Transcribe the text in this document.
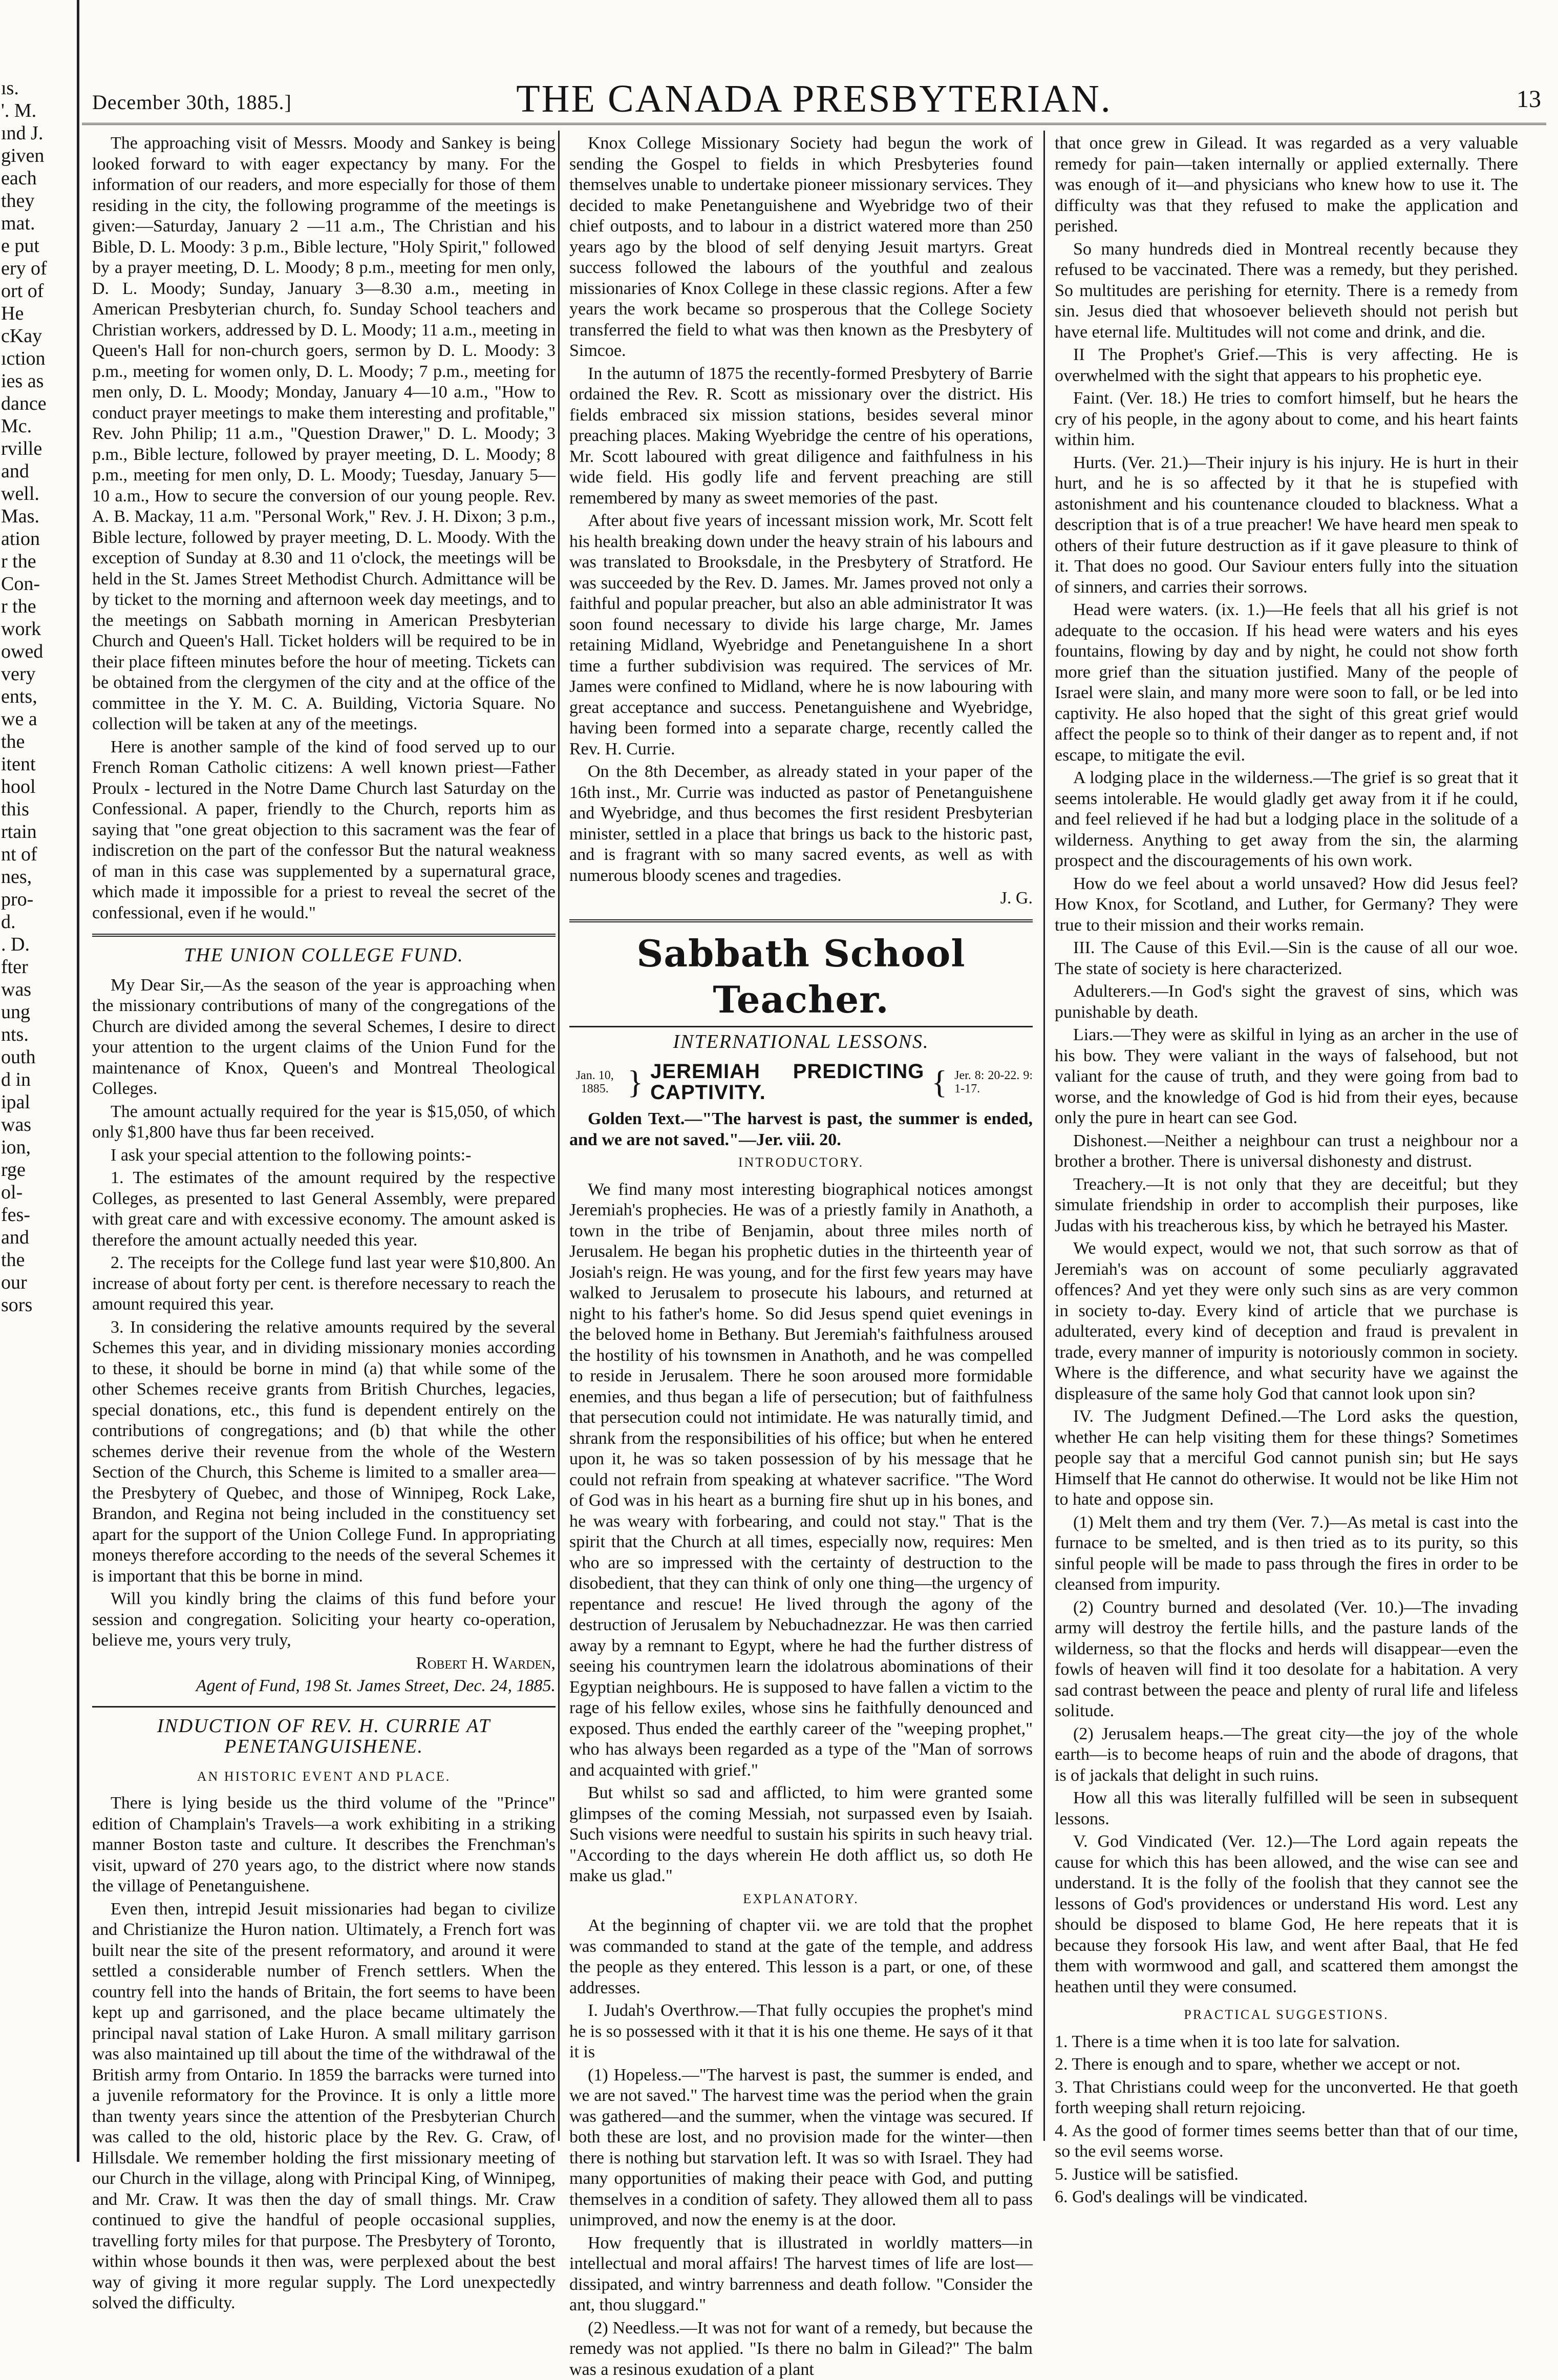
ıs.
'. M.
ınd J.
given
each
they
mat.
e put
ery of
ort of
He
cKay
ıction
ies as
dance
Mc.
rville
and
well.
Mas.
ation
r the
Con-
r the
work
owed
very
ents,
we a
the
itent
hool
this
rtain
nt of
nes,
pro-
d.
. D.
fter
was
ung
nts.
outh
d in
ipal
was
ion,
rge
ol-
fes-
and
the
our
sors
December 30th, 1885.]	THE CANADA PRESBYTERIAN.	13

The approaching visit of Messrs. Moody and Sankey is being looked forward to with eager expectancy by many. For the information of our readers, and more especially for those of them residing in the city, the following programme of the meetings is given:—Saturday, January 2 —11 a.m., The Christian and his Bible, D. L. Moody: 3 p.m., Bible lecture, "Holy Spirit," followed by a prayer meeting, D. L. Moody; 8 p.m., meeting for men only, D. L. Moody; Sunday, January 3—8.30 a.m., meeting in American Presbyterian church, fo. Sunday School teachers and Christian workers, addressed by D. L. Moody; 11 a.m., meeting in Queen's Hall for non-church goers, sermon by D. L. Moody: 3 p.m., meeting for women only, D. L. Moody; 7 p.m., meeting for men only, D. L. Moody; Monday, January 4—10 a.m., "How to conduct prayer meetings to make them interesting and profitable," Rev. John Philip; 11 a.m., "Question Drawer," D. L. Moody; 3 p.m., Bible lecture, followed by prayer meeting, D. L. Moody; 8 p.m., meeting for men only, D. L. Moody; Tuesday, January 5—10 a.m., How to secure the conversion of our young people. Rev. A. B. Mackay, 11 a.m. "Personal Work," Rev. J. H. Dixon; 3 p.m., Bible lecture, followed by prayer meeting, D. L. Moody. With the exception of Sunday at 8.30 and 11 o'clock, the meetings will be held in the St. James Street Methodist Church. Admittance will be by ticket to the morning and afternoon week day meetings, and to the meetings on Sabbath morning in American Presbyterian Church and Queen's Hall. Ticket holders will be required to be in their place fifteen minutes before the hour of meeting. Tickets can be obtained from the clergymen of the city and at the office of the committee in the Y. M. C. A. Building, Victoria Square. No collection will be taken at any of the meetings.

Here is another sample of the kind of food served up to our French Roman Catholic citizens: A well known priest—Father Proulx - lectured in the Notre Dame Church last Saturday on the Confessional. A paper, friendly to the Church, reports him as saying that "one great objection to this sacrament was the fear of indiscretion on the part of the confessor But the natural weakness of man in this case was supplemented by a supernatural grace, which made it impossible for a priest to reveal the secret of the confessional, even if he would."

THE UNION COLLEGE FUND.

My Dear Sir,—As the season of the year is approaching when the missionary contributions of many of the congregations of the Church are divided among the several Schemes, I desire to direct your attention to the urgent claims of the Union Fund for the maintenance of Knox, Queen's and Montreal Theological Colleges.

The amount actually required for the year is $15,050, of which only $1,800 have thus far been received.

I ask your special attention to the following points:-

1. The estimates of the amount required by the respective Colleges, as presented to last General Assembly, were prepared with great care and with excessive economy. The amount asked is therefore the amount actually needed this year.

2. The receipts for the College fund last year were $10,800. An increase of about forty per cent. is therefore necessary to reach the amount required this year.

3. In considering the relative amounts required by the several Schemes this year, and in dividing missionary monies according to these, it should be borne in mind (a) that while some of the other Schemes receive grants from British Churches, legacies, special donations, etc., this fund is dependent entirely on the contributions of congregations; and (b) that while the other schemes derive their revenue from the whole of the Western Section of the Church, this Scheme is limited to a smaller area—the Presbytery of Quebec, and those of Winnipeg, Rock Lake, Brandon, and Regina not being included in the constituency set apart for the support of the Union College Fund. In appropriating moneys therefore according to the needs of the several Schemes it is important that this be borne in mind.

Will you kindly bring the claims of this fund before your session and congregation. Soliciting your hearty co-operation, believe me, yours very truly,

Robert H. Warden,

Agent of Fund, 198 St. James Street, Dec. 24, 1885.

INDUCTION OF REV. H. CURRIE AT PENETANGUISHENE.
AN HISTORIC EVENT AND PLACE.

There is lying beside us the third volume of the "Prince" edition of Champlain's Travels—a work exhibiting in a striking manner Boston taste and culture. It describes the Frenchman's visit, upward of 270 years ago, to the district where now stands the village of Penetanguishene.

Even then, intrepid Jesuit missionaries had began to civilize and Christianize the Huron nation. Ultimately, a French fort was built near the site of the present reformatory, and around it were settled a considerable number of French settlers. When the country fell into the hands of Britain, the fort seems to have been kept up and garrisoned, and the place became ultimately the principal naval station of Lake Huron. A small military garrison was also maintained up till about the time of the withdrawal of the British army from Ontario. In 1859 the barracks were turned into a juvenile reformatory for the Province. It is only a little more than twenty years since the attention of the Presbyterian Church was called to the old, historic place by the Rev. G. Craw, of Hillsdale. We remember holding the first missionary meeting of our Church in the village, along with Principal King, of Winnipeg, and Mr. Craw. It was then the day of small things. Mr. Craw continued to give the handful of people occasional supplies, travelling forty miles for that purpose. The Presbytery of Toronto, within whose bounds it then was, were perplexed about the best way of giving it more regular supply. The Lord unexpectedly solved the difficulty.

Knox College Missionary Society had begun the work of sending the Gospel to fields in which Presbyteries found themselves unable to undertake pioneer missionary services. They decided to make Penetanguishene and Wyebridge two of their chief outposts, and to labour in a district watered more than 250 years ago by the blood of self denying Jesuit martyrs. Great success followed the labours of the youthful and zealous missionaries of Knox College in these classic regions. After a few years the work became so prosperous that the College Society transferred the field to what was then known as the Presbytery of Simcoe.

In the autumn of 1875 the recently-formed Presbytery of Barrie ordained the Rev. R. Scott as missionary over the district. His fields embraced six mission stations, besides several minor preaching places. Making Wyebridge the centre of his operations, Mr. Scott laboured with great diligence and faithfulness in his wide field. His godly life and fervent preaching are still remembered by many as sweet memories of the past.

After about five years of incessant mission work, Mr. Scott felt his health breaking down under the heavy strain of his labours and was translated to Brooksdale, in the Presbytery of Stratford. He was succeeded by the Rev. D. James. Mr. James proved not only a faithful and popular preacher, but also an able administrator It was soon found necessary to divide his large charge, Mr. James retaining Midland, Wyebridge and Penetanguishene In a short time a further subdivision was required. The services of Mr. James were confined to Midland, where he is now labouring with great acceptance and success. Penetanguishene and Wyebridge, having been formed into a separate charge, recently called the Rev. H. Currie.

On the 8th December, as already stated in your paper of the 16th inst., Mr. Currie was inducted as pastor of Penetanguishene and Wyebridge, and thus becomes the first resident Presbyterian minister, settled in a place that brings us back to the historic past, and is fragrant with so many sacred events, as well as with numerous bloody scenes and tragedies.

J. G.

Sabbath School Teacher.
INTERNATIONAL LESSONS.
Jan. 10, 1885. } JEREMIAH PREDICTING CAPTIVITY.	{ Jer. 8: 20-22. 9: 1-17.

Golden Text.—"The harvest is past, the summer is ended, and we are not saved."—Jer. viii. 20.

INTRODUCTORY.

We find many most interesting biographical notices amongst Jeremiah's prophecies. He was of a priestly family in Anathoth, a town in the tribe of Benjamin, about three miles north of Jerusalem. He began his prophetic duties in the thirteenth year of Josiah's reign. He was young, and for the first few years may have walked to Jerusalem to prosecute his labours, and returned at night to his father's home. So did Jesus spend quiet evenings in the beloved home in Bethany. But Jeremiah's faithfulness aroused the hostility of his townsmen in Anathoth, and he was compelled to reside in Jerusalem. There he soon aroused more formidable enemies, and thus began a life of persecution; but of faithfulness that persecution could not intimidate. He was naturally timid, and shrank from the responsibilities of his office; but when he entered upon it, he was so taken possession of by his message that he could not refrain from speaking at whatever sacrifice. "The Word of God was in his heart as a burning fire shut up in his bones, and he was weary with forbearing, and could not stay." That is the spirit that the Church at all times, especially now, requires: Men who are so impressed with the certainty of destruction to the disobedient, that they can think of only one thing—the urgency of repentance and rescue! He lived through the agony of the destruction of Jerusalem by Nebuchadnezzar. He was then carried away by a remnant to Egypt, where he had the further distress of seeing his countrymen learn the idolatrous abominations of their Egyptian neighbours. He is supposed to have fallen a victim to the rage of his fellow exiles, whose sins he faithfully denounced and exposed. Thus ended the earthly career of the "weeping prophet," who has always been regarded as a type of the "Man of sorrows and acquainted with grief."

But whilst so sad and afflicted, to him were granted some glimpses of the coming Messiah, not surpassed even by Isaiah. Such visions were needful to sustain his spirits in such heavy trial. "According to the days wherein He doth afflict us, so doth He make us glad."

EXPLANATORY.

At the beginning of chapter vii. we are told that the prophet was commanded to stand at the gate of the temple, and address the people as they entered. This lesson is a part, or one, of these addresses.

I. Judah's Overthrow.—That fully occupies the prophet's mind he is so possessed with it that it is his one theme. He says of it that it is

(1) Hopeless.—"The harvest is past, the summer is ended, and we are not saved." The harvest time was the period when the grain was gathered—and the summer, when the vintage was secured. If both these are lost, and no provision made for the winter—then there is nothing but starvation left. It was so with Israel. They had many opportunities of making their peace with God, and putting themselves in a condition of safety. They allowed them all to pass unimproved, and now the enemy is at the door.

How frequently that is illustrated in worldly matters—in intellectual and moral affairs! The harvest times of life are lost—dissipated, and wintry barrenness and death follow. "Consider the ant, thou sluggard."

(2) Needless.—It was not for want of a remedy, but because the remedy was not applied. "Is there no balm in Gilead?" The balm was a resinous exudation of a plant

that once grew in Gilead. It was regarded as a very valuable remedy for pain—taken internally or applied externally. There was enough of it—and physicians who knew how to use it. The difficulty was that they refused to make the application and perished.

So many hundreds died in Montreal recently because they refused to be vaccinated. There was a remedy, but they perished. So multitudes are perishing for eternity. There is a remedy from sin. Jesus died that whosoever believeth should not perish but have eternal life. Multitudes will not come and drink, and die.

II The Prophet's Grief.—This is very affecting. He is overwhelmed with the sight that appears to his prophetic eye.

Faint. (Ver. 18.) He tries to comfort himself, but he hears the cry of his people, in the agony about to come, and his heart faints within him.

Hurts. (Ver. 21.)—Their injury is his injury. He is hurt in their hurt, and he is so affected by it that he is stupefied with astonishment and his countenance clouded to blackness. What a description that is of a true preacher! We have heard men speak to others of their future destruction as if it gave pleasure to think of it. That does no good. Our Saviour enters fully into the situation of sinners, and carries their sorrows.

Head were waters. (ix. 1.)—He feels that all his grief is not adequate to the occasion. If his head were waters and his eyes fountains, flowing by day and by night, he could not show forth more grief than the situation justified. Many of the people of Israel were slain, and many more were soon to fall, or be led into captivity. He also hoped that the sight of this great grief would affect the people so to think of their danger as to repent and, if not escape, to mitigate the evil.

A lodging place in the wilderness.—The grief is so great that it seems intolerable. He would gladly get away from it if he could, and feel relieved if he had but a lodging place in the solitude of a wilderness. Anything to get away from the sin, the alarming prospect and the discouragements of his own work.

How do we feel about a world unsaved? How did Jesus feel? How Knox, for Scotland, and Luther, for Germany? They were true to their mission and their works remain.

III. The Cause of this Evil.—Sin is the cause of all our woe. The state of society is here characterized.

Adulterers.—In God's sight the gravest of sins, which was punishable by death.

Liars.—They were as skilful in lying as an archer in the use of his bow. They were valiant in the ways of falsehood, but not valiant for the cause of truth, and they were going from bad to worse, and the knowledge of God is hid from their eyes, because only the pure in heart can see God.

Dishonest.—Neither a neighbour can trust a neighbour nor a brother a brother. There is universal dishonesty and distrust.

Treachery.—It is not only that they are deceitful; but they simulate friendship in order to accomplish their purposes, like Judas with his treacherous kiss, by which he betrayed his Master.

We would expect, would we not, that such sorrow as that of Jeremiah's was on account of some peculiarly aggravated offences? And yet they were only such sins as are very common in society to-day. Every kind of article that we purchase is adulterated, every kind of deception and fraud is prevalent in trade, every manner of impurity is notoriously common in society. Where is the difference, and what security have we against the displeasure of the same holy God that cannot look upon sin?

IV. The Judgment Defined.—The Lord asks the question, whether He can help visiting them for these things? Sometimes people say that a merciful God cannot punish sin; but He says Himself that He cannot do otherwise. It would not be like Him not to hate and oppose sin.

(1) Melt them and try them (Ver. 7.)—As metal is cast into the furnace to be smelted, and is then tried as to its purity, so this sinful people will be made to pass through the fires in order to be cleansed from impurity.

(2) Country burned and desolated (Ver. 10.)—The invading army will destroy the fertile hills, and the pasture lands of the wilderness, so that the flocks and herds will disappear—even the fowls of heaven will find it too desolate for a habitation. A very sad contrast between the peace and plenty of rural life and lifeless solitude.

(2) Jerusalem heaps.—The great city—the joy of the whole earth—is to become heaps of ruin and the abode of dragons, that is of jackals that delight in such ruins.

How all this was literally fulfilled will be seen in subsequent lessons.

V. God Vindicated (Ver. 12.)—The Lord again repeats the cause for which this has been allowed, and the wise can see and understand. It is the folly of the foolish that they cannot see the lessons of God's providences or understand His word. Lest any should be disposed to blame God, He here repeats that it is because they forsook His law, and went after Baal, that He fed them with wormwood and gall, and scattered them amongst the heathen until they were consumed.

PRACTICAL SUGGESTIONS.

1. There is a time when it is too late for salvation.

2. There is enough and to spare, whether we accept or not.

3. That Christians could weep for the unconverted. He that goeth forth weeping shall return rejoicing.

4. As the good of former times seems better than that of our time, so the evil seems worse.

5. Justice will be satisfied.

6. God's dealings will be vindicated.
